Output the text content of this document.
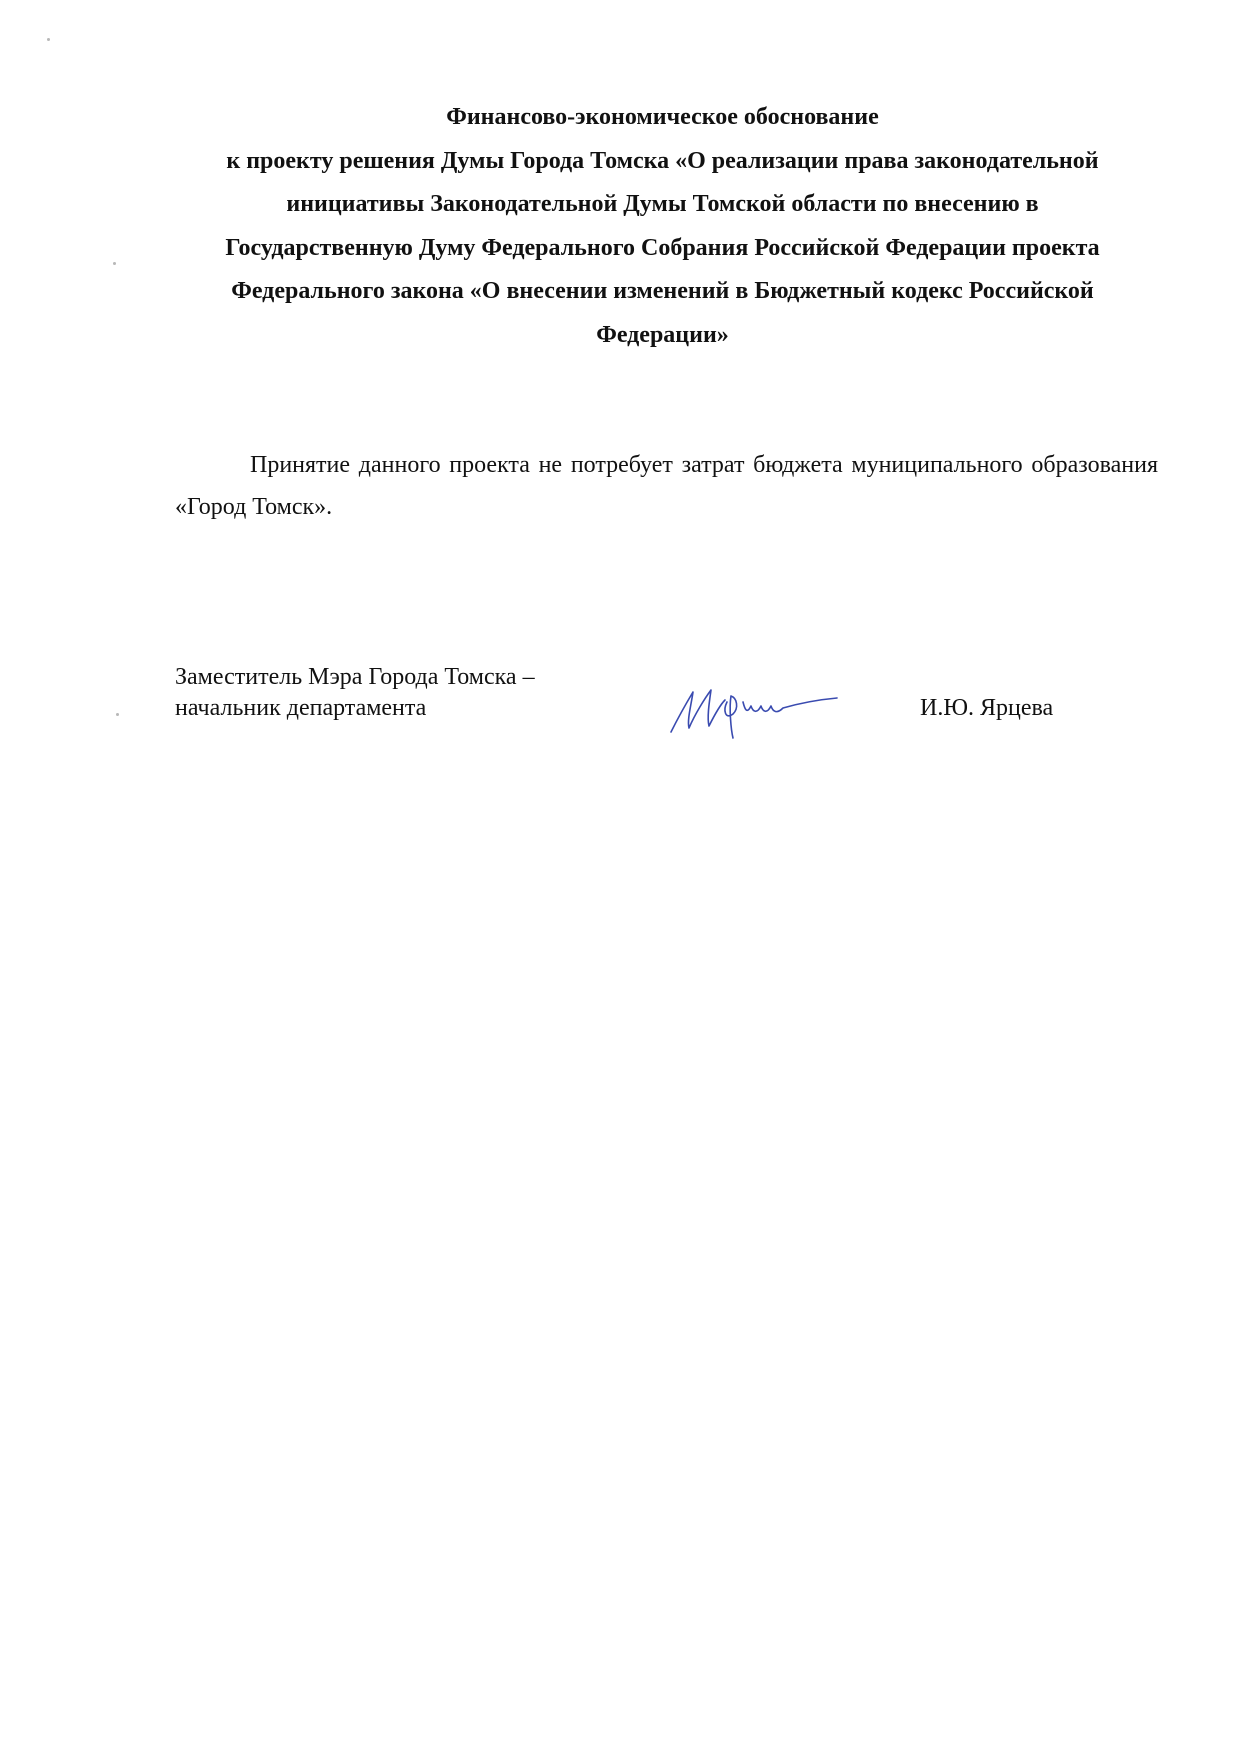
Финансово-экономическое обоснование
к проекту решения Думы Города Томска «О реализации права законодательной
инициативы Законодательной Думы Томской области по внесению в
Государственную Думу Федерального Собрания Российской Федерации проекта
Федерального закона «О внесении изменений в Бюджетный кодекс Российской
Федерации»

Принятие данного проекта не потребует затрат бюджета муниципального образования «Город Томск».

Заместитель Мэра Города Томска –
начальник департамента	И.Ю. Ярцева
